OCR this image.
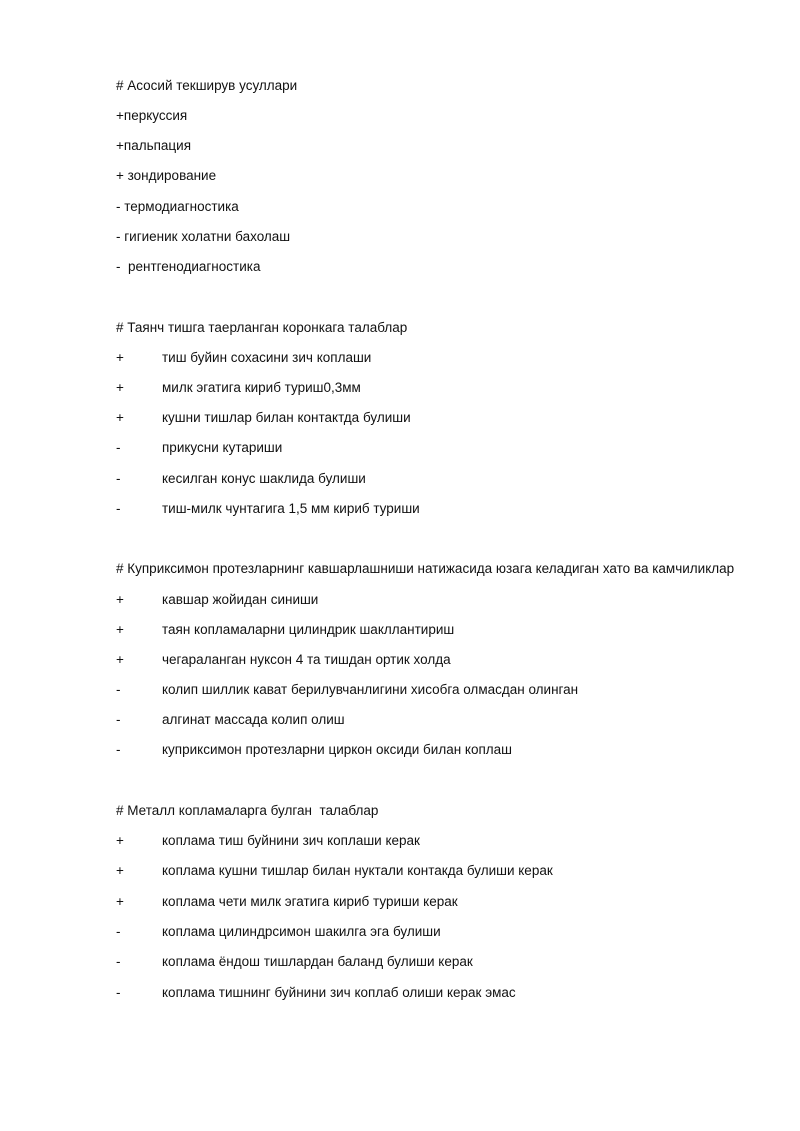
# Асосий текширув усуллари
+перкуссия
+пальпация
+ зондирование
- термодиагностика
- гигиеник холатни бахолаш
-  рентгенодиагностика
# Таянч тишга таерланган коронкага талаблар
+	тиш буйин сохасини зич коплаши
+	милк эгатига кириб туриш0,3мм
+	кушни тишлар билан контактда булиши
-	прикусни кутариши
-	кесилган конус шаклида булиши
-	тиш-милк чунтагига 1,5 мм кириб туриши
# Куприксимон протезларнинг кавшарлашниши натижасида юзага келадиган хато ва камчиликлар
+	кавшар жойидан синиши
+	таян копламаларни цилиндрик шакллантириш
+	чегараланган нуксон 4 та тишдан ортик холда
-	колип шиллик кават берилувчанлигини хисобга олмасдан олинган
-	алгинат массада колип олиш
-	куприксимон протезларни циркон оксиди билан коплаш
# Металл копламаларга булган  талаблар
+	коплама тиш буйнини зич коплаши керак
+	коплама кушни тишлар билан нуктали контакда булиши керак
+	коплама чети милк эгатига кириб туриши керак
-	коплама цилиндрсимон шакилга эга булиши
-	коплама ёндош тишлардан баланд булиши керак
-	коплама тишнинг буйнини зич коплаб олиши керак эмас
